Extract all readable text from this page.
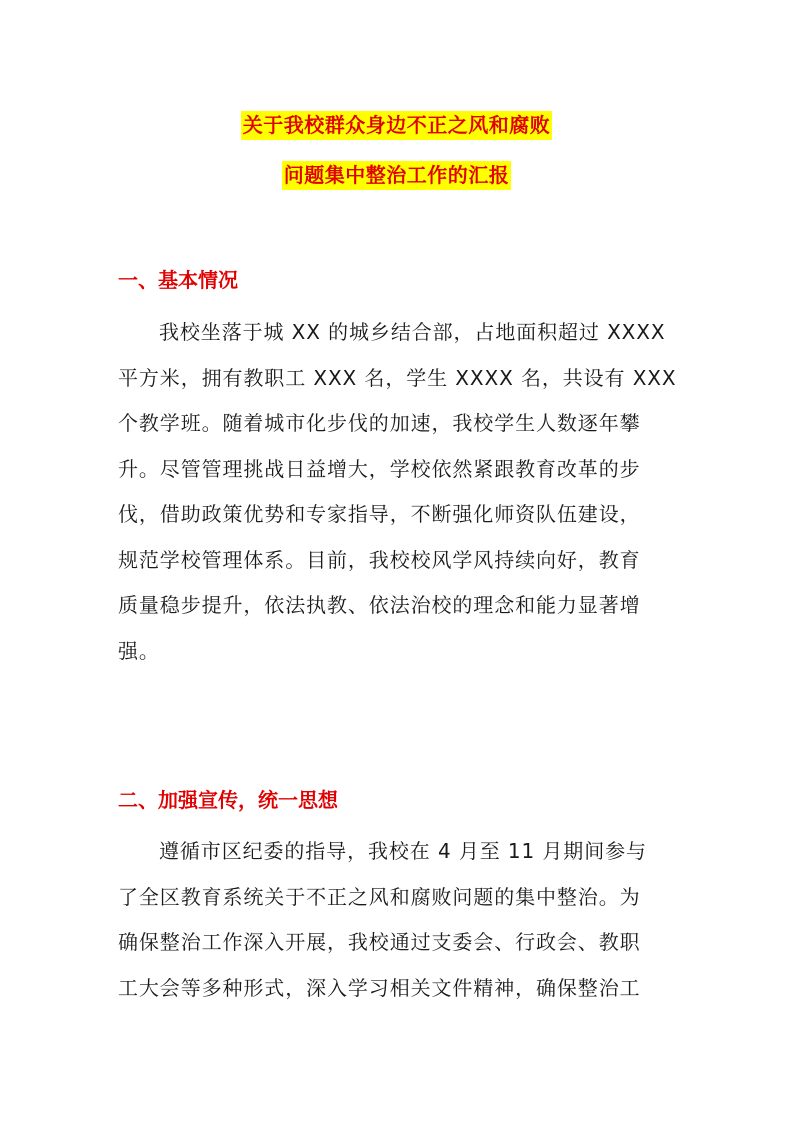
关于我校群众身边不正之风和腐败
问题集中整治工作的汇报
一、基本情况
我校坐落于城 XX 的城乡结合部，占地面积超过 XXXX
平方米，拥有教职工 XXX 名，学生 XXXX 名，共设有 XXX
个教学班。随着城市化步伐的加速，我校学生人数逐年攀
升。尽管管理挑战日益增大，学校依然紧跟教育改革的步
伐，借助政策优势和专家指导，不断强化师资队伍建设，
规范学校管理体系。目前，我校校风学风持续向好，教育
质量稳步提升，依法执教、依法治校的理念和能力显著增
强。
二、加强宣传，统一思想
遵循市区纪委的指导，我校在 4 月至 11 月期间参与
了全区教育系统关于不正之风和腐败问题的集中整治。为
确保整治工作深入开展，我校通过支委会、行政会、教职
工大会等多种形式，深入学习相关文件精神，确保整治工
